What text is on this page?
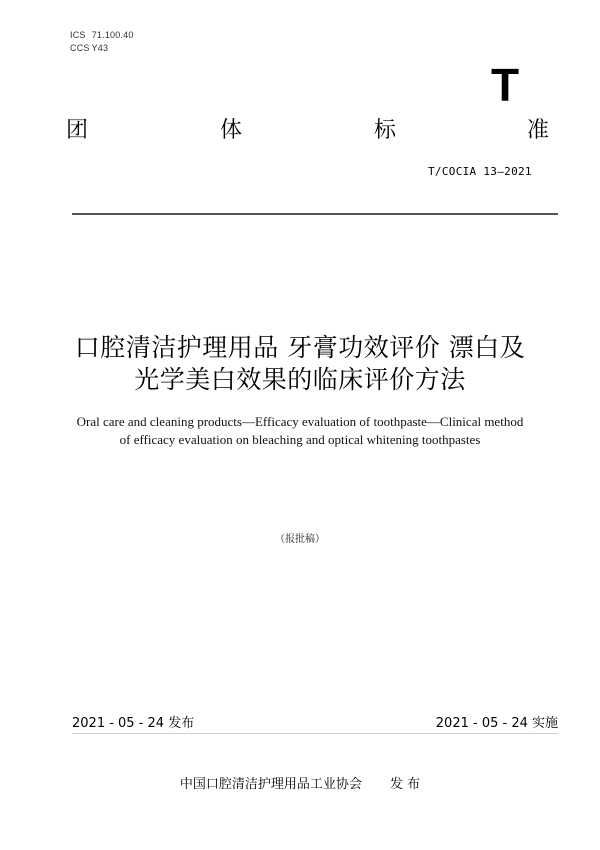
ICS 71.100.40
CCS Y43
T
团	体	标	准
T/COCIA 13—2021
口腔清洁护理用品 牙膏功效评价 漂白及
光学美白效果的临床评价方法
Oral care and cleaning products—Efficacy evaluation of toothpaste—Clinical method
of efficacy evaluation on bleaching and optical whitening toothpastes
（报批稿）
2021 - 05 - 24 发布	2021 - 05 - 24 实施
中国口腔清洁护理用品工业协会 发 布
